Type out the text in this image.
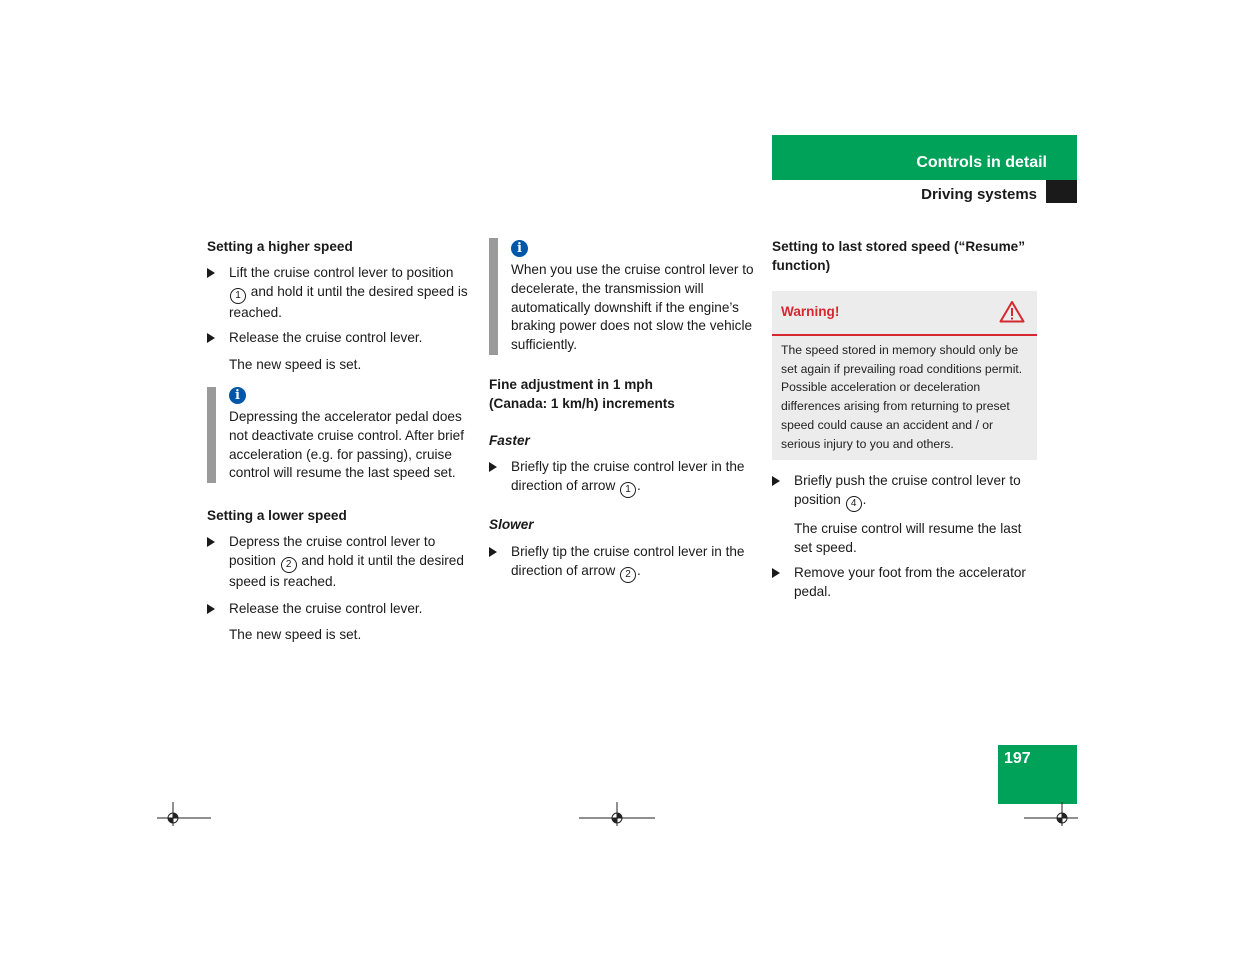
Controls in detail
Driving systems

Setting a higher speed

Lift the cruise control lever to position 1 and hold it until the desired speed is reached.

Release the cruise control lever.

The new speed is set.

i
Depressing the accelerator pedal does not deactivate cruise control. After brief acceleration (e.g. for passing), cruise control will resume the last speed set.

Setting a lower speed

Depress the cruise control lever to position 2 and hold it until the desired speed is reached.

Release the cruise control lever.

The new speed is set.

i
When you use the cruise control lever to decelerate, the transmission will automatically downshift if the engine’s braking power does not slow the vehicle sufficiently.

Fine adjustment in 1 mph
(Canada: 1 km/h) increments

Faster

Briefly tip the cruise control lever in the direction of arrow 1 .

Slower

Briefly tip the cruise control lever in the direction of arrow 2 .

Setting to last stored speed (“Resume” function)

Warning!
The speed stored in memory should only be set again if prevailing road conditions permit. Possible acceleration or deceleration differences arising from returning to preset speed could cause an accident and / or serious injury to you and others.

Briefly push the cruise control lever to position 4 .

The cruise control will resume the last set speed.

Remove your foot from the accelerator pedal.

197
